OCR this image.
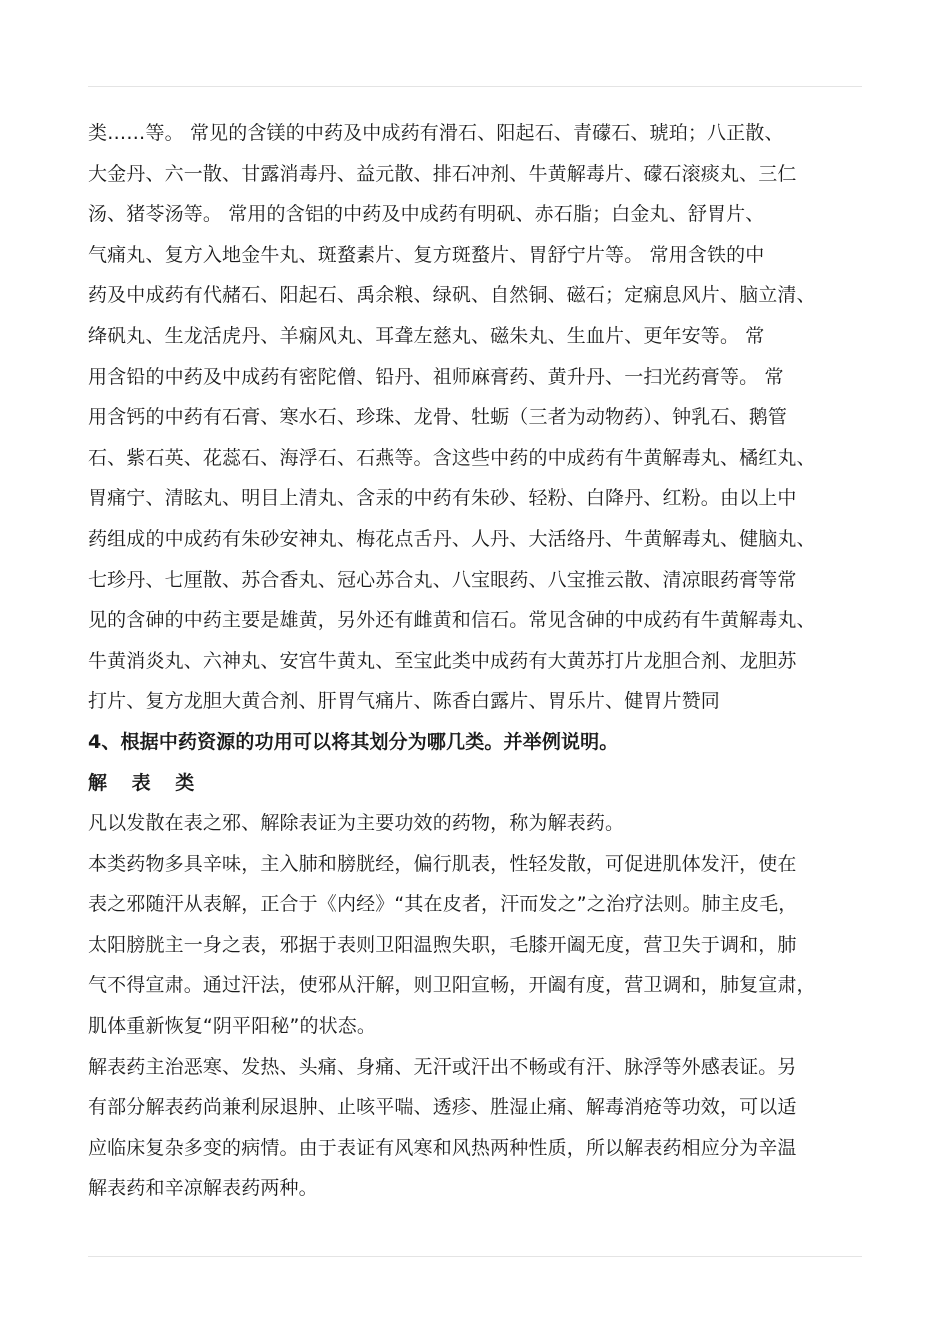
类……等。 常见的含镁的中药及中成药有滑石、阳起石、青礞石、琥珀；八正散、
大金丹、六一散、甘露消毒丹、益元散、排石冲剂、牛黄解毒片、礞石滚痰丸、三仁
汤、猪苓汤等。 常用的含铝的中药及中成药有明矾、赤石脂；白金丸、舒胃片、
气痛丸、复方入地金牛丸、斑蝥素片、复方斑蝥片、胃舒宁片等。 常用含铁的中
药及中成药有代赭石、阳起石、禹余粮、绿矾、自然铜、磁石；定痫息风片、脑立清、
绛矾丸、生龙活虎丹、羊痫风丸、耳聋左慈丸、磁朱丸、生血片、更年安等。 常
用含铅的中药及中成药有密陀僧、铅丹、祖师麻膏药、黄升丹、一扫光药膏等。 常
用含钙的中药有石膏、寒水石、珍珠、龙骨、牡蛎（三者为动物药）、钟乳石、鹅管
石、紫石英、花蕊石、海浮石、石燕等。含这些中药的中成药有牛黄解毒丸、橘红丸、
胃痛宁、清眩丸、明目上清丸、含汞的中药有朱砂、轻粉、白降丹、红粉。由以上中
药组成的中成药有朱砂安神丸、梅花点舌丹、人丹、大活络丹、牛黄解毒丸、健脑丸、
七珍丹、七厘散、苏合香丸、冠心苏合丸、八宝眼药、八宝推云散、清凉眼药膏等常
见的含砷的中药主要是雄黄，另外还有雌黄和信石。常见含砷的中成药有牛黄解毒丸、
牛黄消炎丸、六神丸、安宫牛黄丸、至宝此类中成药有大黄苏打片龙胆合剂、龙胆苏
打片、复方龙胆大黄合剂、肝胃气痛片、陈香白露片、胃乐片、健胃片赞同
4、根据中药资源的功用可以将其划分为哪几类。并举例说明。
解 表 类
凡以发散在表之邪、解除表证为主要功效的药物，称为解表药。
本类药物多具辛味，主入肺和膀胱经，偏行肌表，性轻发散，可促进肌体发汗，使在
表之邪随汗从表解，正合于《内经》“其在皮者，汗而发之”之治疗法则。肺主皮毛，
太阳膀胱主一身之表，邪据于表则卫阳温煦失职，毛膝开阖无度，营卫失于调和，肺
气不得宣肃。通过汗法，使邪从汗解，则卫阳宣畅，开阖有度，营卫调和，肺复宣肃，
肌体重新恢复“阴平阳秘”的状态。
解表药主治恶寒、发热、头痛、身痛、无汗或汗出不畅或有汗、脉浮等外感表证。另
有部分解表药尚兼利尿退肿、止咳平喘、透疹、胜湿止痛、解毒消疮等功效，可以适
应临床复杂多变的病情。由于表证有风寒和风热两种性质，所以解表药相应分为辛温
解表药和辛凉解表药两种。
